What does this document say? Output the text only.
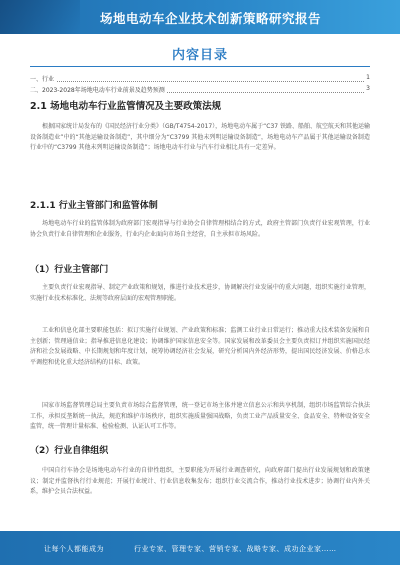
场地电动车企业技术创新策略研究报告
内容目录
一、行业	1
二、2023-2028年场地电动车行业前景及趋势预测	3
2.1 场地电动车行业监管情况及主要政策法规
根据国家统计局发布的《国民经济行业分类》（GB/T4754-2017），场地电动车属于“C37 铁路、船舶、航空航天和其他运输设备制造业”中的“其他运输设备制造”，其中细分为“C3799 其他未列明运输设备制造”，场地电动车产品属于其他运输设备制造行业中的“C3799 其他未列明运输设备制造”；场地电动车行业与汽车行业相比具有一定差异。
2.1.1 行业主管部门和监管体制
场地电动车行业的监管体制为政府部门宏观指导与行业协会自律管理相结合的方式，政府主管部门负责行业宏观管理，行业协会负责行业自律管理和企业服务，行业内企业面向市场自主经营，自主承担市场风险。
（1）行业主管部门
主要负责行业宏观指导、制定产业政策和规划，推进行业技术进步，协调解决行业发展中的重大问题，组织实施行业管理，实施行业技术标准化、法规等政府层面的宏观管理职能。
工业和信息化部主要职能包括：拟订实施行业规划、产业政策和标准；监测工业行业日常运行；推动重大技术装备发展和自主创新；管理通信业；指导推进信息化建设；协调维护国家信息安全等。国家发展和改革委员会主要负责拟订并组织实施国民经济和社会发展战略、中长期规划和年度计划，统筹协调经济社会发展，研究分析国内外经济形势，提出国民经济发展、价格总水平调控和优化重大经济结构的目标、政策。
国家市场监督管理总局主要负责市场综合监督管理，统一登记市场主体并建立信息公示和共享机制，组织市场监管综合执法工作，承担反垄断统一执法，规范和维护市场秩序，组织实施质量强国战略，负责工业产品质量安全、食品安全、特种设备安全监管，统一管理计量标准、检验检测、认证认可工作等。
（2）行业自律组织
中国自行车协会是场地电动车行业的自律性组织，主要职能为开展行业调查研究，向政府部门提出行业发展规划和政策建议；制定并监督执行行业规范；开展行业统计、行业信息收集发布；组织行业交流合作，推动行业技术进步；协调行业内外关系，维护会员合法权益。
让每个人都能成为	行业专家、管理专家、营销专家、战略专家、成功企业家……
